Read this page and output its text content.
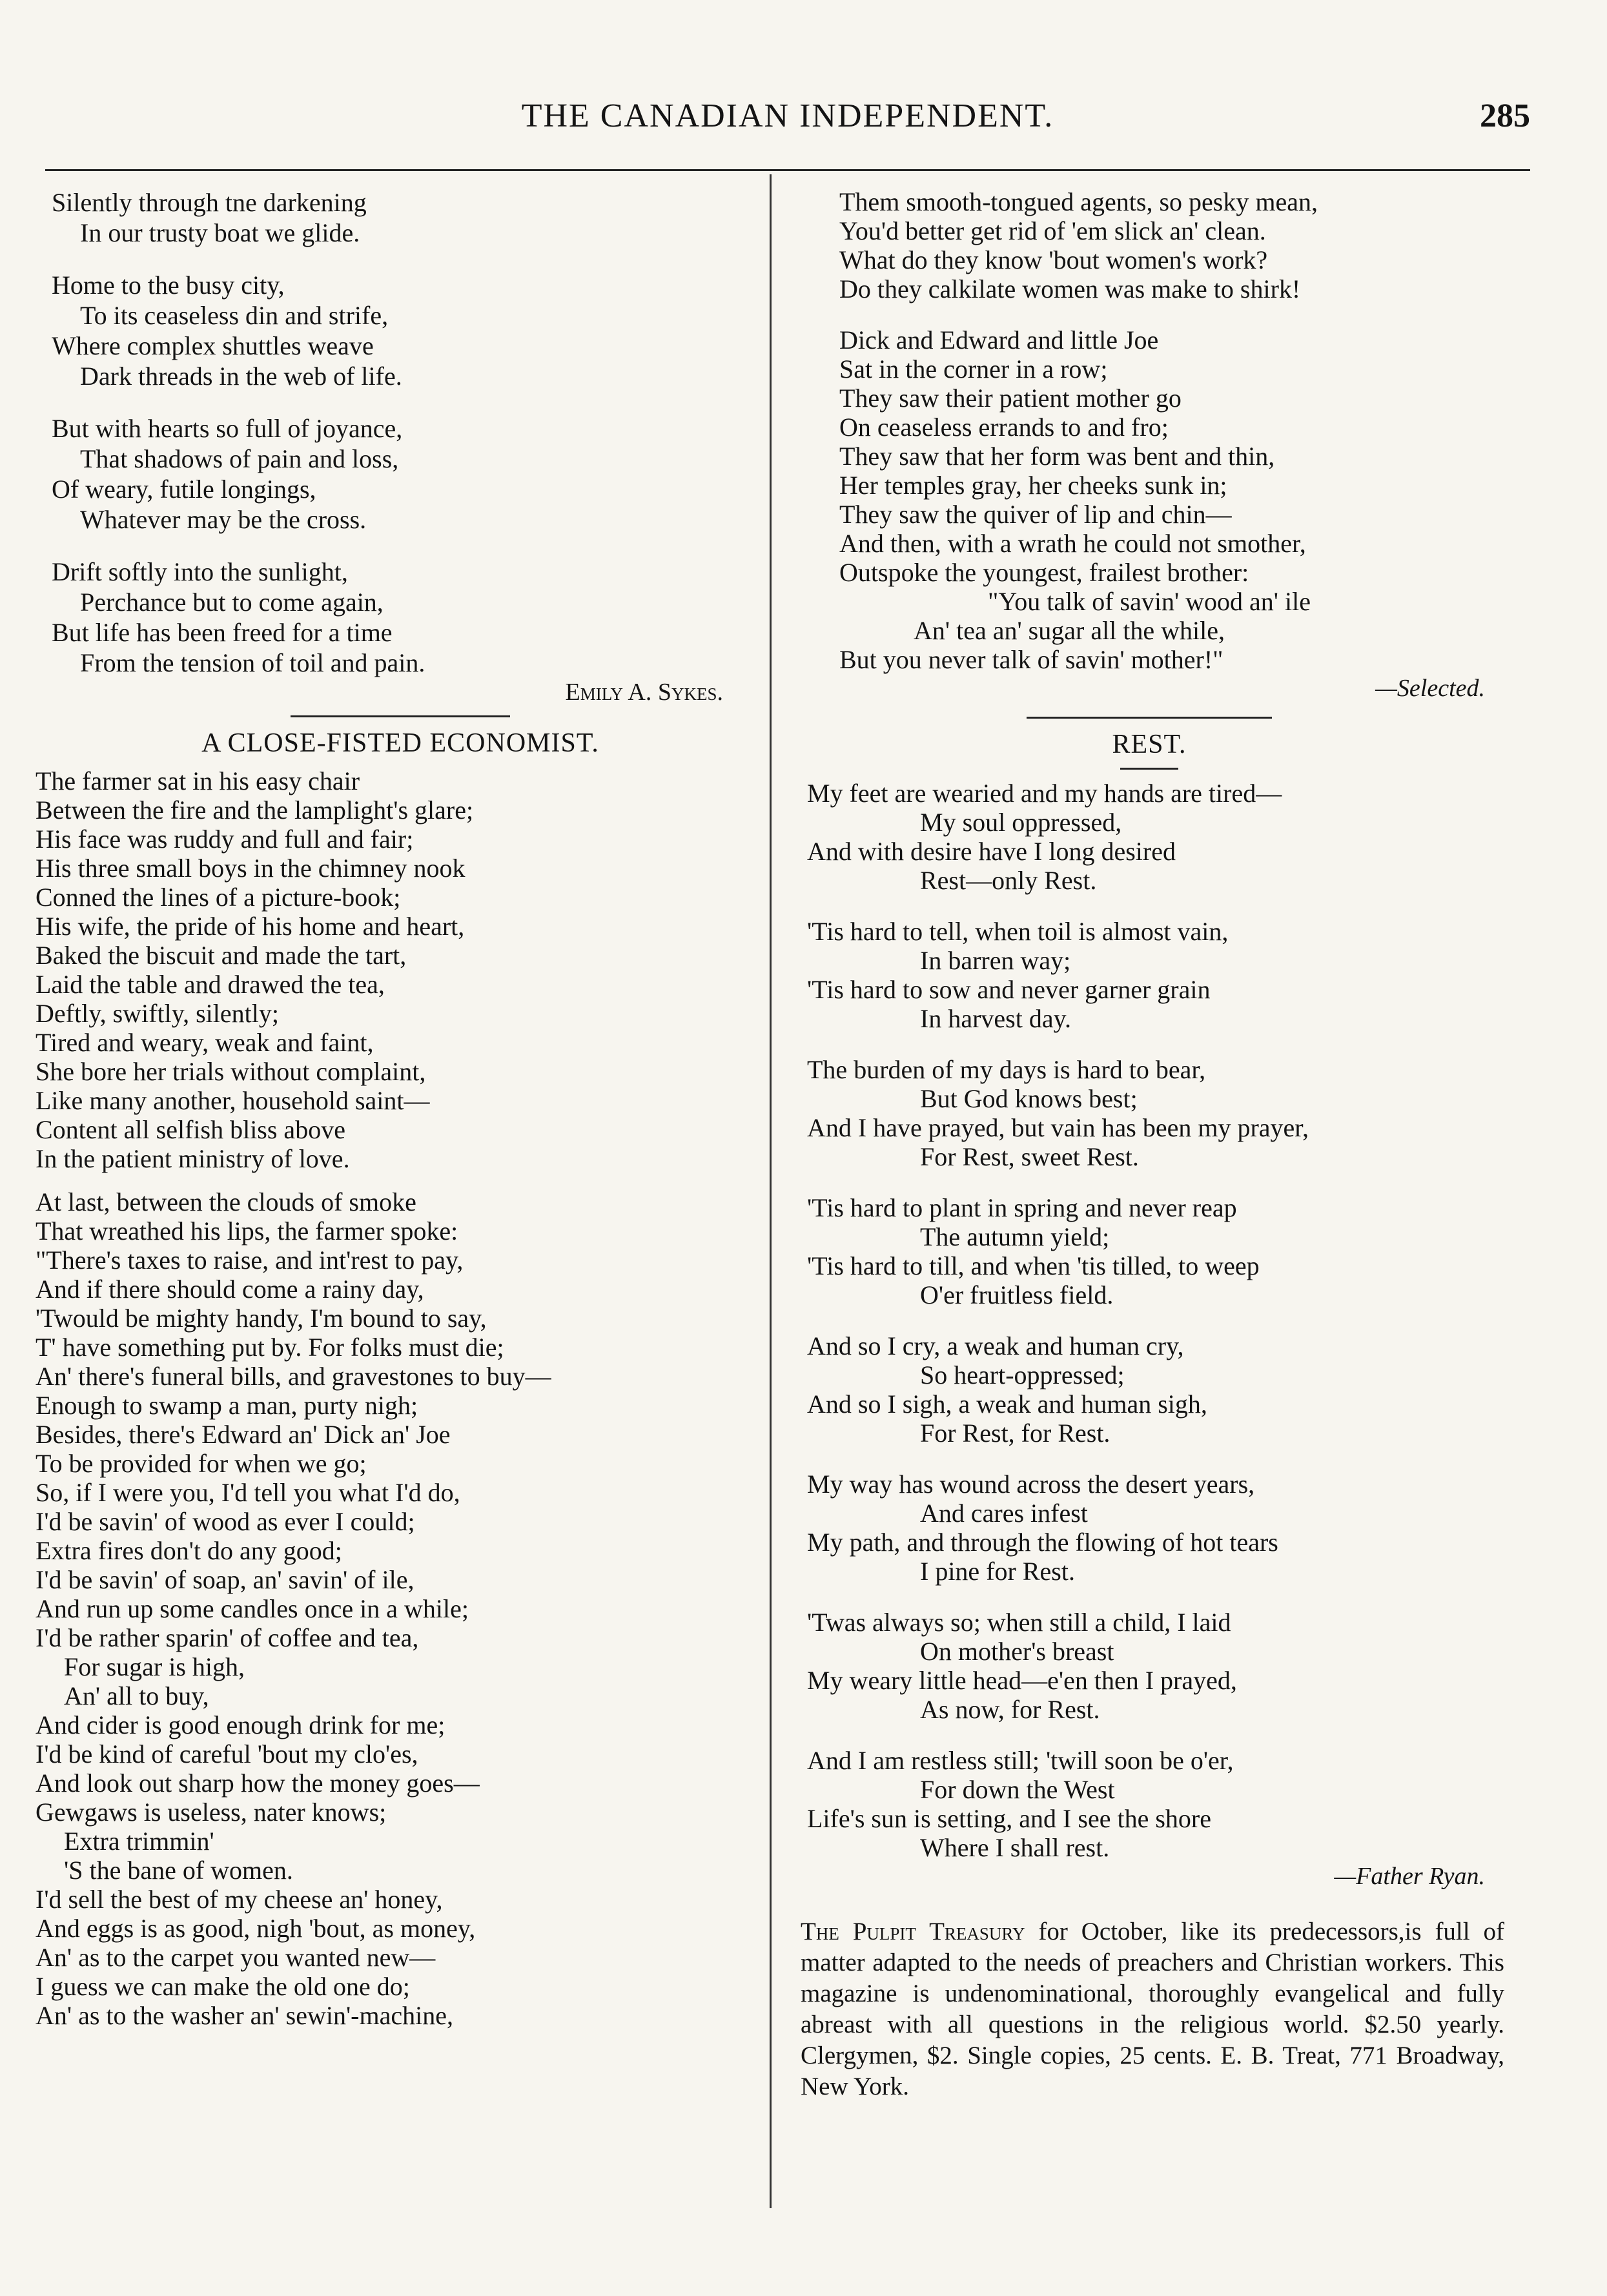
THE CANADIAN INDEPENDENT.	285
Silently through tne darkening
In our trusty boat we glide.
Home to the busy city,
To its ceaseless din and strife,
Where complex shuttles weave
Dark threads in the web of life.
But with hearts so full of joyance,
That shadows of pain and loss,
Of weary, futile longings,
Whatever may be the cross.
Drift softly into the sunlight,
Perchance but to come again,
But life has been freed for a time
From the tension of toil and pain.
Emily A. Sykes.
A CLOSE-FISTED ECONOMIST.
The farmer sat in his easy chair
Between the fire and the lamplight's glare;
His face was ruddy and full and fair;
His three small boys in the chimney nook
Conned the lines of a picture-book;
His wife, the pride of his home and heart,
Baked the biscuit and made the tart,
Laid the table and drawed the tea,
Deftly, swiftly, silently;
Tired and weary, weak and faint,
She bore her trials without complaint,
Like many another, household saint—
Content all selfish bliss above
In the patient ministry of love.
At last, between the clouds of smoke
That wreathed his lips, the farmer spoke:
"There's taxes to raise, and int'rest to pay,
And if there should come a rainy day,
'Twould be mighty handy, I'm bound to say,
T' have something put by. For folks must die;
An' there's funeral bills, and gravestones to buy—
Enough to swamp a man, purty nigh;
Besides, there's Edward an' Dick an' Joe
To be provided for when we go;
So, if I were you, I'd tell you what I'd do,
I'd be savin' of wood as ever I could;
Extra fires don't do any good;
I'd be savin' of soap, an' savin' of ile,
And run up some candles once in a while;
I'd be rather sparin' of coffee and tea,
For sugar is high,
An' all to buy,
And cider is good enough drink for me;
I'd be kind of careful 'bout my clo'es,
And look out sharp how the money goes—
Gewgaws is useless, nater knows;
Extra trimmin'
'S the bane of women.
I'd sell the best of my cheese an' honey,
And eggs is as good, nigh 'bout, as money,
An' as to the carpet you wanted new—
I guess we can make the old one do;
An' as to the washer an' sewin'-machine,
Them smooth-tongued agents, so pesky mean,
You'd better get rid of 'em slick an' clean.
What do they know 'bout women's work?
Do they calkilate women was make to shirk!
Dick and Edward and little Joe
Sat in the corner in a row;
They saw their patient mother go
On ceaseless errands to and fro;
They saw that her form was bent and thin,
Her temples gray, her cheeks sunk in;
They saw the quiver of lip and chin—
And then, with a wrath he could not smother,
Outspoke the youngest, frailest brother:
"You talk of savin' wood an' ile
An' tea an' sugar all the while,
But you never talk of savin' mother!"
—Selected.
REST.
My feet are wearied and my hands are tired—
My soul oppressed,
And with desire have I long desired
Rest—only Rest.
'Tis hard to tell, when toil is almost vain,
In barren way;
'Tis hard to sow and never garner grain
In harvest day.
The burden of my days is hard to bear,
But God knows best;
And I have prayed, but vain has been my prayer,
For Rest, sweet Rest.
'Tis hard to plant in spring and never reap
The autumn yield;
'Tis hard to till, and when 'tis tilled, to weep
O'er fruitless field.
And so I cry, a weak and human cry,
So heart-oppressed;
And so I sigh, a weak and human sigh,
For Rest, for Rest.
My way has wound across the desert years,
And cares infest
My path, and through the flowing of hot tears
I pine for Rest.
'Twas always so; when still a child, I laid
On mother's breast
My weary little head—e'en then I prayed,
As now, for Rest.
And I am restless still; 'twill soon be o'er,
For down the West
Life's sun is setting, and I see the shore
Where I shall rest.
—Father Ryan.
The Pulpit Treasury for October, like its predecessors,is full of matter adapted to the needs of preachers and Christian workers. This magazine is undenominational, thoroughly evangelical and fully abreast with all questions in the religious world. $2.50 yearly. Clergymen, $2. Single copies, 25 cents. E. B. Treat, 771 Broadway, New York.
